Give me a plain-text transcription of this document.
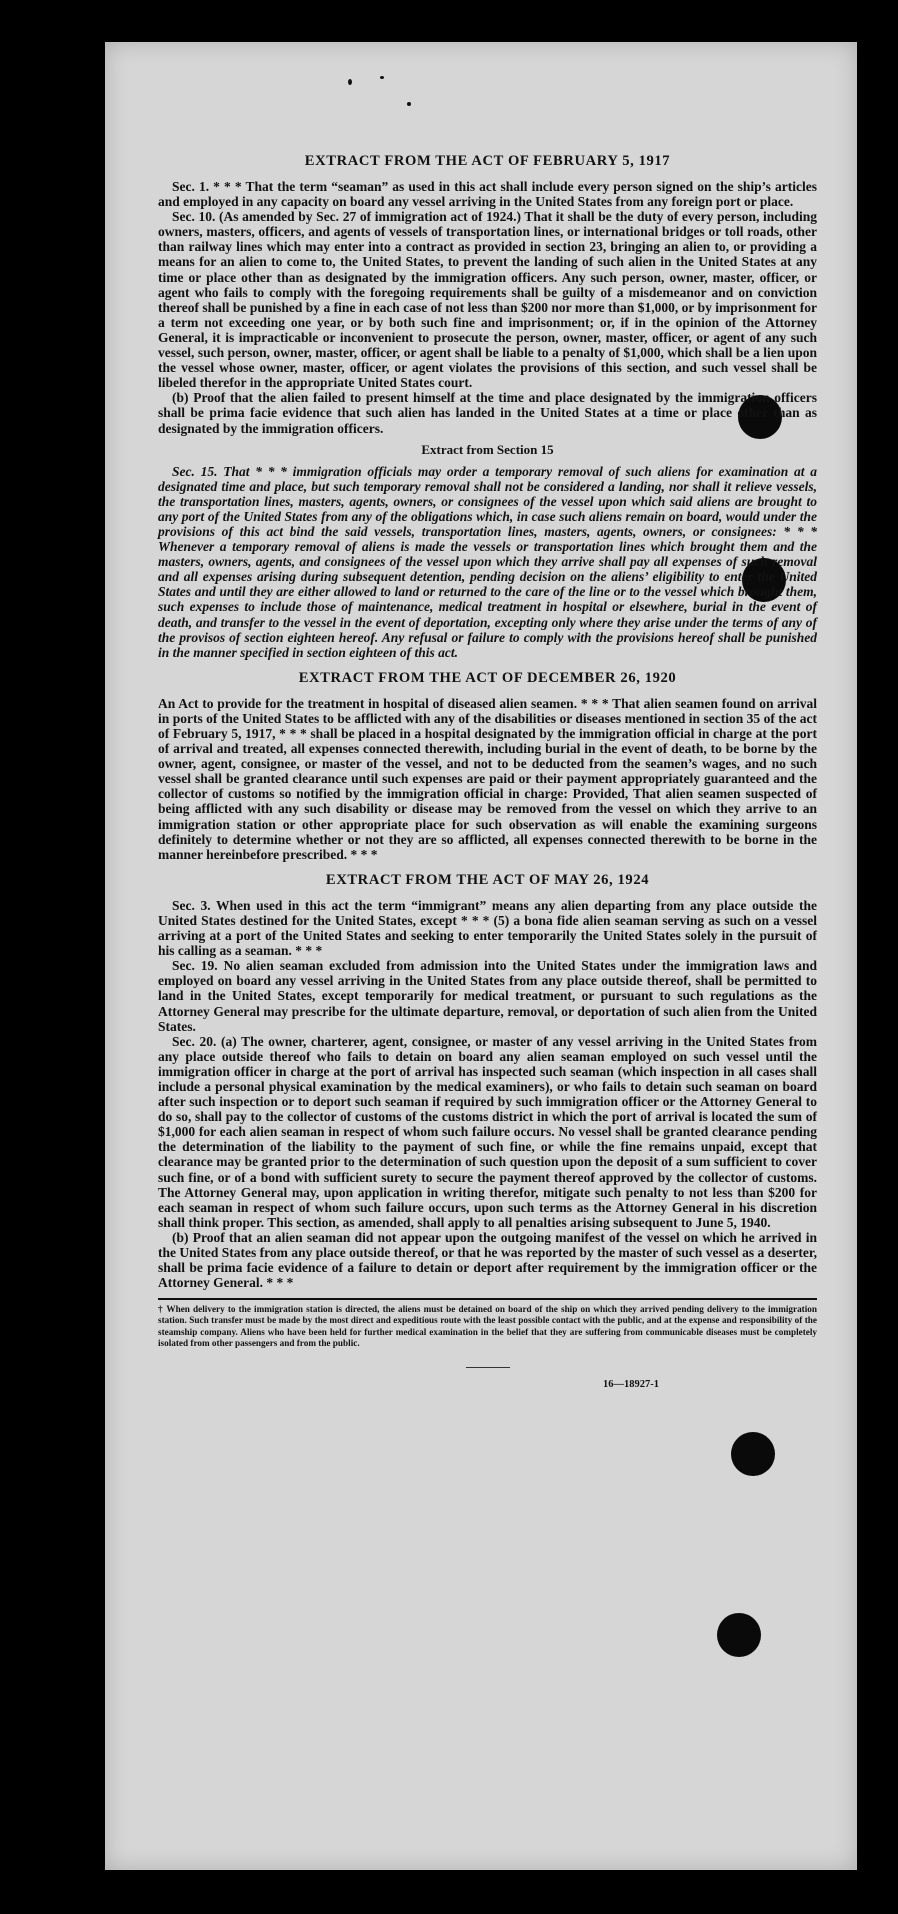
EXTRACT FROM THE ACT OF FEBRUARY 5, 1917

Sec. 1. * * * That the term “seaman” as used in this act shall include every person signed on the ship’s articles and employed in any capacity on board any vessel arriving in the United States from any foreign port or place.

Sec. 10. (As amended by Sec. 27 of immigration act of 1924.) That it shall be the duty of every person, including owners, masters, officers, and agents of vessels of transportation lines, or international bridges or toll roads, other than railway lines which may enter into a contract as provided in section 23, bringing an alien to, or providing a means for an alien to come to, the United States, to prevent the landing of such alien in the United States at any time or place other than as designated by the immigration officers. Any such person, owner, master, officer, or agent who fails to comply with the foregoing requirements shall be guilty of a misdemeanor and on conviction thereof shall be punished by a fine in each case of not less than $200 nor more than $1,000, or by imprisonment for a term not exceeding one year, or by both such fine and imprisonment; or, if in the opinion of the Attorney General, it is impracticable or inconvenient to prosecute the person, owner, master, officer, or agent of any such vessel, such person, owner, master, officer, or agent shall be liable to a penalty of $1,000, which shall be a lien upon the vessel whose owner, master, officer, or agent violates the provisions of this section, and such vessel shall be libeled therefor in the appropriate United States court.

(b) Proof that the alien failed to present himself at the time and place designated by the immigration officers shall be prima facie evidence that such alien has landed in the United States at a time or place other than as designated by the immigration officers.

Extract from Section 15

Sec. 15. That * * * immigration officials may order a temporary removal of such aliens for examination at a designated time and place, but such temporary removal shall not be considered a landing, nor shall it relieve vessels, the transportation lines, masters, agents, owners, or consignees of the vessel upon which said aliens are brought to any port of the United States from any of the obligations which, in case such aliens remain on board, would under the provisions of this act bind the said vessels, transportation lines, masters, agents, owners, or consignees: * * * Whenever a temporary removal of aliens is made the vessels or transportation lines which brought them and the masters, owners, agents, and consignees of the vessel upon which they arrive shall pay all expenses of such removal and all expenses arising during subsequent detention, pending decision on the aliens’ eligibility to enter the United States and until they are either allowed to land or returned to the care of the line or to the vessel which brought them, such expenses to include those of maintenance, medical treatment in hospital or elsewhere, burial in the event of death, and transfer to the vessel in the event of deportation, excepting only where they arise under the terms of any of the provisos of section eighteen hereof. Any refusal or failure to comply with the provisions hereof shall be punished in the manner specified in section eighteen of this act.

EXTRACT FROM THE ACT OF DECEMBER 26, 1920

An Act to provide for the treatment in hospital of diseased alien seamen. * * * That alien seamen found on arrival in ports of the United States to be afflicted with any of the disabilities or diseases mentioned in section 35 of the act of February 5, 1917, * * * shall be placed in a hospital designated by the immigration official in charge at the port of arrival and treated, all expenses connected therewith, including burial in the event of death, to be borne by the owner, agent, consignee, or master of the vessel, and not to be deducted from the seamen’s wages, and no such vessel shall be granted clearance until such expenses are paid or their payment appropriately guaranteed and the collector of customs so notified by the immigration official in charge: Provided, That alien seamen suspected of being afflicted with any such disability or disease may be removed from the vessel on which they arrive to an immigration station or other appropriate place for such observation as will enable the examining surgeons definitely to determine whether or not they are so afflicted, all expenses connected therewith to be borne in the manner hereinbefore prescribed. * * *

EXTRACT FROM THE ACT OF MAY 26, 1924

Sec. 3. When used in this act the term “immigrant” means any alien departing from any place outside the United States destined for the United States, except * * * (5) a bona fide alien seaman serving as such on a vessel arriving at a port of the United States and seeking to enter temporarily the United States solely in the pursuit of his calling as a seaman. * * *

Sec. 19. No alien seaman excluded from admission into the United States under the immigration laws and employed on board any vessel arriving in the United States from any place outside thereof, shall be permitted to land in the United States, except temporarily for medical treatment, or pursuant to such regulations as the Attorney General may prescribe for the ultimate departure, removal, or deportation of such alien from the United States.

Sec. 20. (a) The owner, charterer, agent, consignee, or master of any vessel arriving in the United States from any place outside thereof who fails to detain on board any alien seaman employed on such vessel until the immigration officer in charge at the port of arrival has inspected such seaman (which inspection in all cases shall include a personal physical examination by the medical examiners), or who fails to detain such seaman on board after such inspection or to deport such seaman if required by such immigration officer or the Attorney General to do so, shall pay to the collector of customs of the customs district in which the port of arrival is located the sum of $1,000 for each alien seaman in respect of whom such failure occurs. No vessel shall be granted clearance pending the determination of the liability to the payment of such fine, or while the fine remains unpaid, except that clearance may be granted prior to the determination of such question upon the deposit of a sum sufficient to cover such fine, or of a bond with sufficient surety to secure the payment thereof approved by the collector of customs. The Attorney General may, upon application in writing therefor, mitigate such penalty to not less than $200 for each seaman in respect of whom such failure occurs, upon such terms as the Attorney General in his discretion shall think proper. This section, as amended, shall apply to all penalties arising subsequent to June 5, 1940.

(b) Proof that an alien seaman did not appear upon the outgoing manifest of the vessel on which he arrived in the United States from any place outside thereof, or that he was reported by the master of such vessel as a deserter, shall be prima facie evidence of a failure to detain or deport after requirement by the immigration officer or the Attorney General. * * *

† When delivery to the immigration station is directed, the aliens must be detained on board of the ship on which they arrived pending delivery to the immigration station. Such transfer must be made by the most direct and expeditious route with the least possible contact with the public, and at the expense and responsibility of the steamship company. Aliens who have been held for further medical examination in the belief that they are suffering from communicable diseases must be completely isolated from other passengers and from the public.
16—18927-1
